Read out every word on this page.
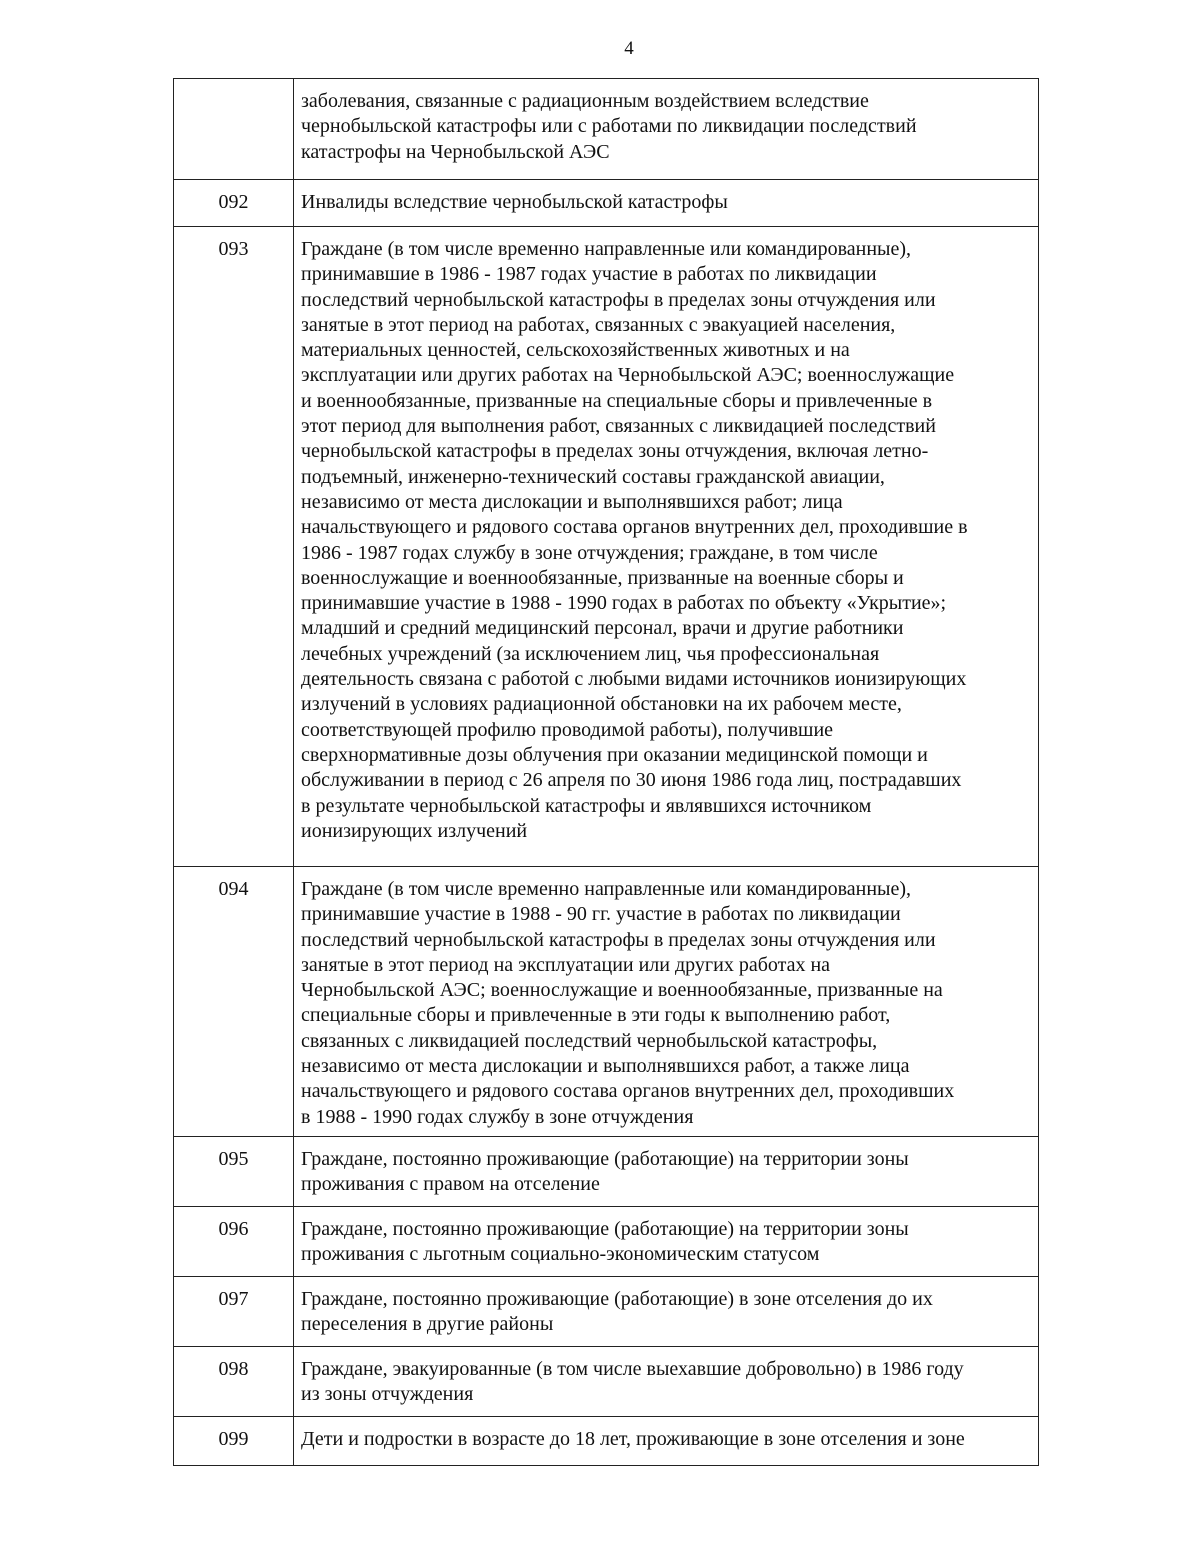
4
заболевания, связанные с радиационным воздействием вследствие
чернобыльской катастрофы или с работами по ликвидации последствий
катастрофы на Чернобыльской АЭС
092	Инвалиды вследствие чернобыльской катастрофы
093	Граждане (в том числе временно направленные или командированные),
принимавшие в 1986 - 1987 годах участие в работах по ликвидации
последствий чернобыльской катастрофы в пределах зоны отчуждения или
занятые в этот период на работах, связанных с эвакуацией населения,
материальных ценностей, сельскохозяйственных животных и на
эксплуатации или других работах на Чернобыльской АЭС; военнослужащие
и военнообязанные, призванные на специальные сборы и привлеченные в
этот период для выполнения работ, связанных с ликвидацией последствий
чернобыльской катастрофы в пределах зоны отчуждения, включая летно-
подъемный, инженерно-технический составы гражданской авиации,
независимо от места дислокации и выполнявшихся работ; лица
начальствующего и рядового состава органов внутренних дел, проходившие в
1986 - 1987 годах службу в зоне отчуждения; граждане, в том числе
военнослужащие и военнообязанные, призванные на военные сборы и
принимавшие участие в 1988 - 1990 годах в работах по объекту «Укрытие»;
младший и средний медицинский персонал, врачи и другие работники
лечебных учреждений (за исключением лиц, чья профессиональная
деятельность связана с работой с любыми видами источников ионизирующих
излучений в условиях радиационной обстановки на их рабочем месте,
соответствующей профилю проводимой работы), получившие
сверхнормативные дозы облучения при оказании медицинской помощи и
обслуживании в период с 26 апреля по 30 июня 1986 года лиц, пострадавших
в результате чернобыльской катастрофы и являвшихся источником
ионизирующих излучений
094	Граждане (в том числе временно направленные или командированные),
принимавшие участие в 1988 - 90 гг. участие в работах по ликвидации
последствий чернобыльской катастрофы в пределах зоны отчуждения или
занятые в этот период на эксплуатации или других работах на
Чернобыльской АЭС; военнослужащие и военнообязанные, призванные на
специальные сборы и привлеченные в эти годы к выполнению работ,
связанных с ликвидацией последствий чернобыльской катастрофы,
независимо от места дислокации и выполнявшихся работ, а также лица
начальствующего и рядового состава органов внутренних дел, проходивших
в 1988 - 1990 годах службу в зоне отчуждения
095	Граждане, постоянно проживающие (работающие) на территории зоны
проживания с правом на отселение
096	Граждане, постоянно проживающие (работающие) на территории зоны
проживания с льготным социально-экономическим статусом
097	Граждане, постоянно проживающие (работающие) в зоне отселения до их
переселения в другие районы
098	Граждане, эвакуированные (в том числе выехавшие добровольно) в 1986 году
из зоны отчуждения
099	Дети и подростки в возрасте до 18 лет, проживающие в зоне отселения и зоне
